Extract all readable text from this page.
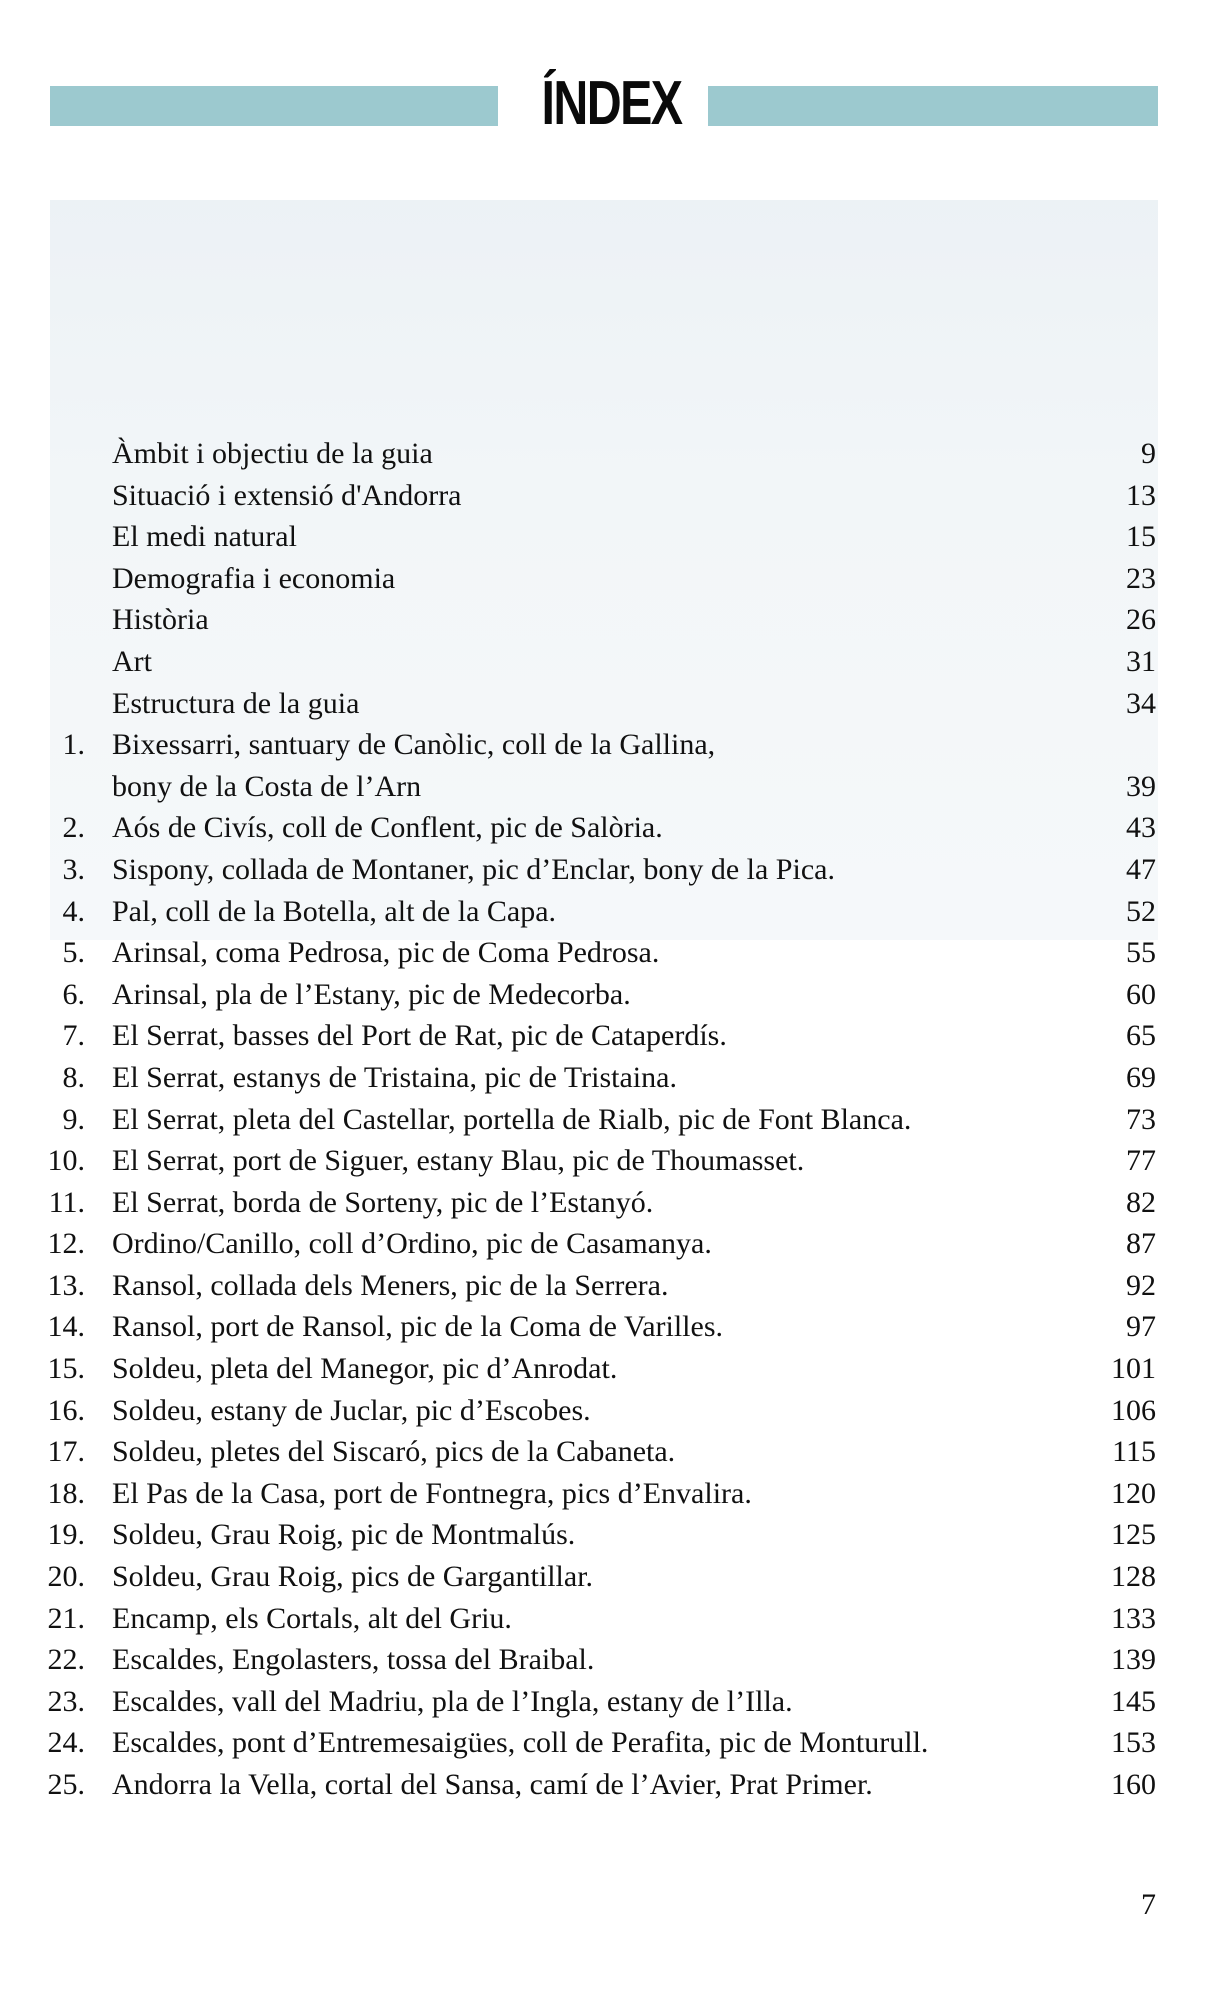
ÍNDEX
Àmbit i objectiu de la guia	9
Situació i extensió d'Andorra	13
El medi natural	15
Demografia i economia	23
Història	26
Art	31
Estructura de la guia	34
1. Bixessarri, santuary de Canòlic, coll de la Gallina,
bony de la Costa de l’Arn	39
2. Aós de Civís, coll de Conflent, pic de Salòria.	43
3. Sispony, collada de Montaner, pic d’Enclar, bony de la Pica.	47
4. Pal, coll de la Botella, alt de la Capa.	52
5. Arinsal, coma Pedrosa, pic de Coma Pedrosa.	55
6. Arinsal, pla de l’Estany, pic de Medecorba.	60
7. El Serrat, basses del Port de Rat, pic de Cataperdís.	65
8. El Serrat, estanys de Tristaina, pic de Tristaina.	69
9. El Serrat, pleta del Castellar, portella de Rialb, pic de Font Blanca.	73
10. El Serrat, port de Siguer, estany Blau, pic de Thoumasset.	77
11. El Serrat, borda de Sorteny, pic de l’Estanyó.	82
12. Ordino/Canillo, coll d’Ordino, pic de Casamanya.	87
13. Ransol, collada dels Meners, pic de la Serrera.	92
14. Ransol, port de Ransol, pic de la Coma de Varilles.	97
15. Soldeu, pleta del Manegor, pic d’Anrodat.	101
16. Soldeu, estany de Juclar, pic d’Escobes.	106
17. Soldeu, pletes del Siscaró, pics de la Cabaneta.	115
18. El Pas de la Casa, port de Fontnegra, pics d’Envalira.	120
19. Soldeu, Grau Roig, pic de Montmalús.	125
20. Soldeu, Grau Roig, pics de Gargantillar.	128
21. Encamp, els Cortals, alt del Griu.	133
22. Escaldes, Engolasters, tossa del Braibal.	139
23. Escaldes, vall del Madriu, pla de l’Ingla, estany de l’Illa.	145
24. Escaldes, pont d’Entremesaigües, coll de Perafita, pic de Monturull.	153
25. Andorra la Vella, cortal del Sansa, camí de l’Avier, Prat Primer.	160
7
